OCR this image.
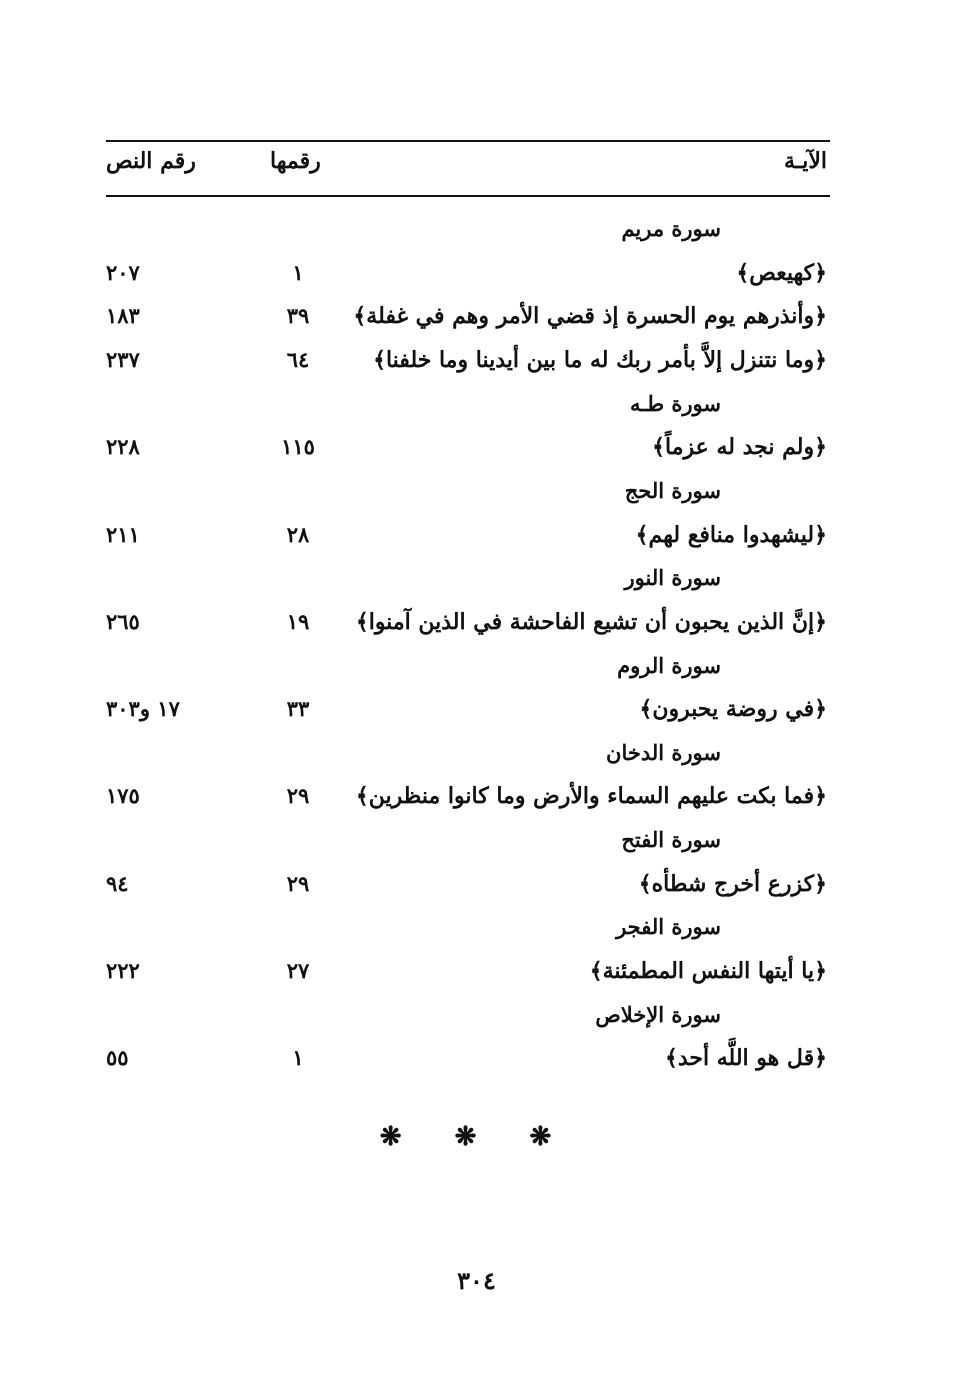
الآيـة
رقمها
رقم النص
سورة مريم
﴿كهيعص﴾
١
٢٠٧
﴿وأنذرهم يوم الحسرة إذ قضي الأمر وهم في غفلة﴾
٣٩
١٨٣
﴿وما نتنزل إلاَّ بأمر ربك له ما بين أيدينا وما خلفنا﴾
٦٤
٢٣٧
سورة طـه
﴿ولم نجد له عزماً﴾
١١٥
٢٢٨
سورة الحج
﴿ليشهدوا منافع لهم﴾
٢٨
٢١١
سورة النور
﴿إنَّ الذين يحبون أن تشيع الفاحشة في الذين آمنوا﴾
١٩
٢٦٥
سورة الروم
﴿في روضة يحبرون﴾
٣٣
١٧ و٣٠٣
سورة الدخان
﴿فما بكت عليهم السماء والأرض وما كانوا منظرين﴾
٢٩
١٧٥
سورة الفتح
﴿كزرع أخرج شطأه﴾
٢٩
٩٤
سورة الفجر
﴿يا أيتها النفس المطمئنة﴾
٢٧
٢٢٢
سورة الإخلاص
﴿قل هو اللَّه أحد﴾
١
٥٥
❋ ❋ ❋
٣٠٤
